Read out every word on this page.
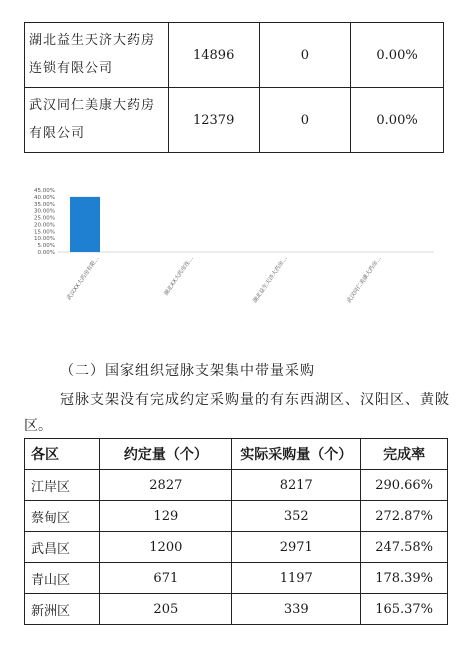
湖北益生天济大药房
连锁有限公司	14896	0	0.00%

武汉同仁美康大药房
有限公司	12379	0	0.00%
0.00%
5.00%
10.00%
15.00%
20.00%
25.00%
30.00%
35.00%
40.00%
45.00%
武汉XX大药房有限…	湖北XX大药房连…	湖北益生天济大药房…	武汉同仁美康大药房…
（二）国家组织冠脉支架集中带量采购
冠脉支架没有完成约定采购量的有东西湖区、汉阳区、黄陂
区。
各区	约定量（个）	实际采购量（个）	完成率
江岸区	2827	8217	290.66%
蔡甸区	129	352	272.87%
武昌区	1200	2971	247.58%
青山区	671	1197	178.39%
新洲区	205	339	165.37%
